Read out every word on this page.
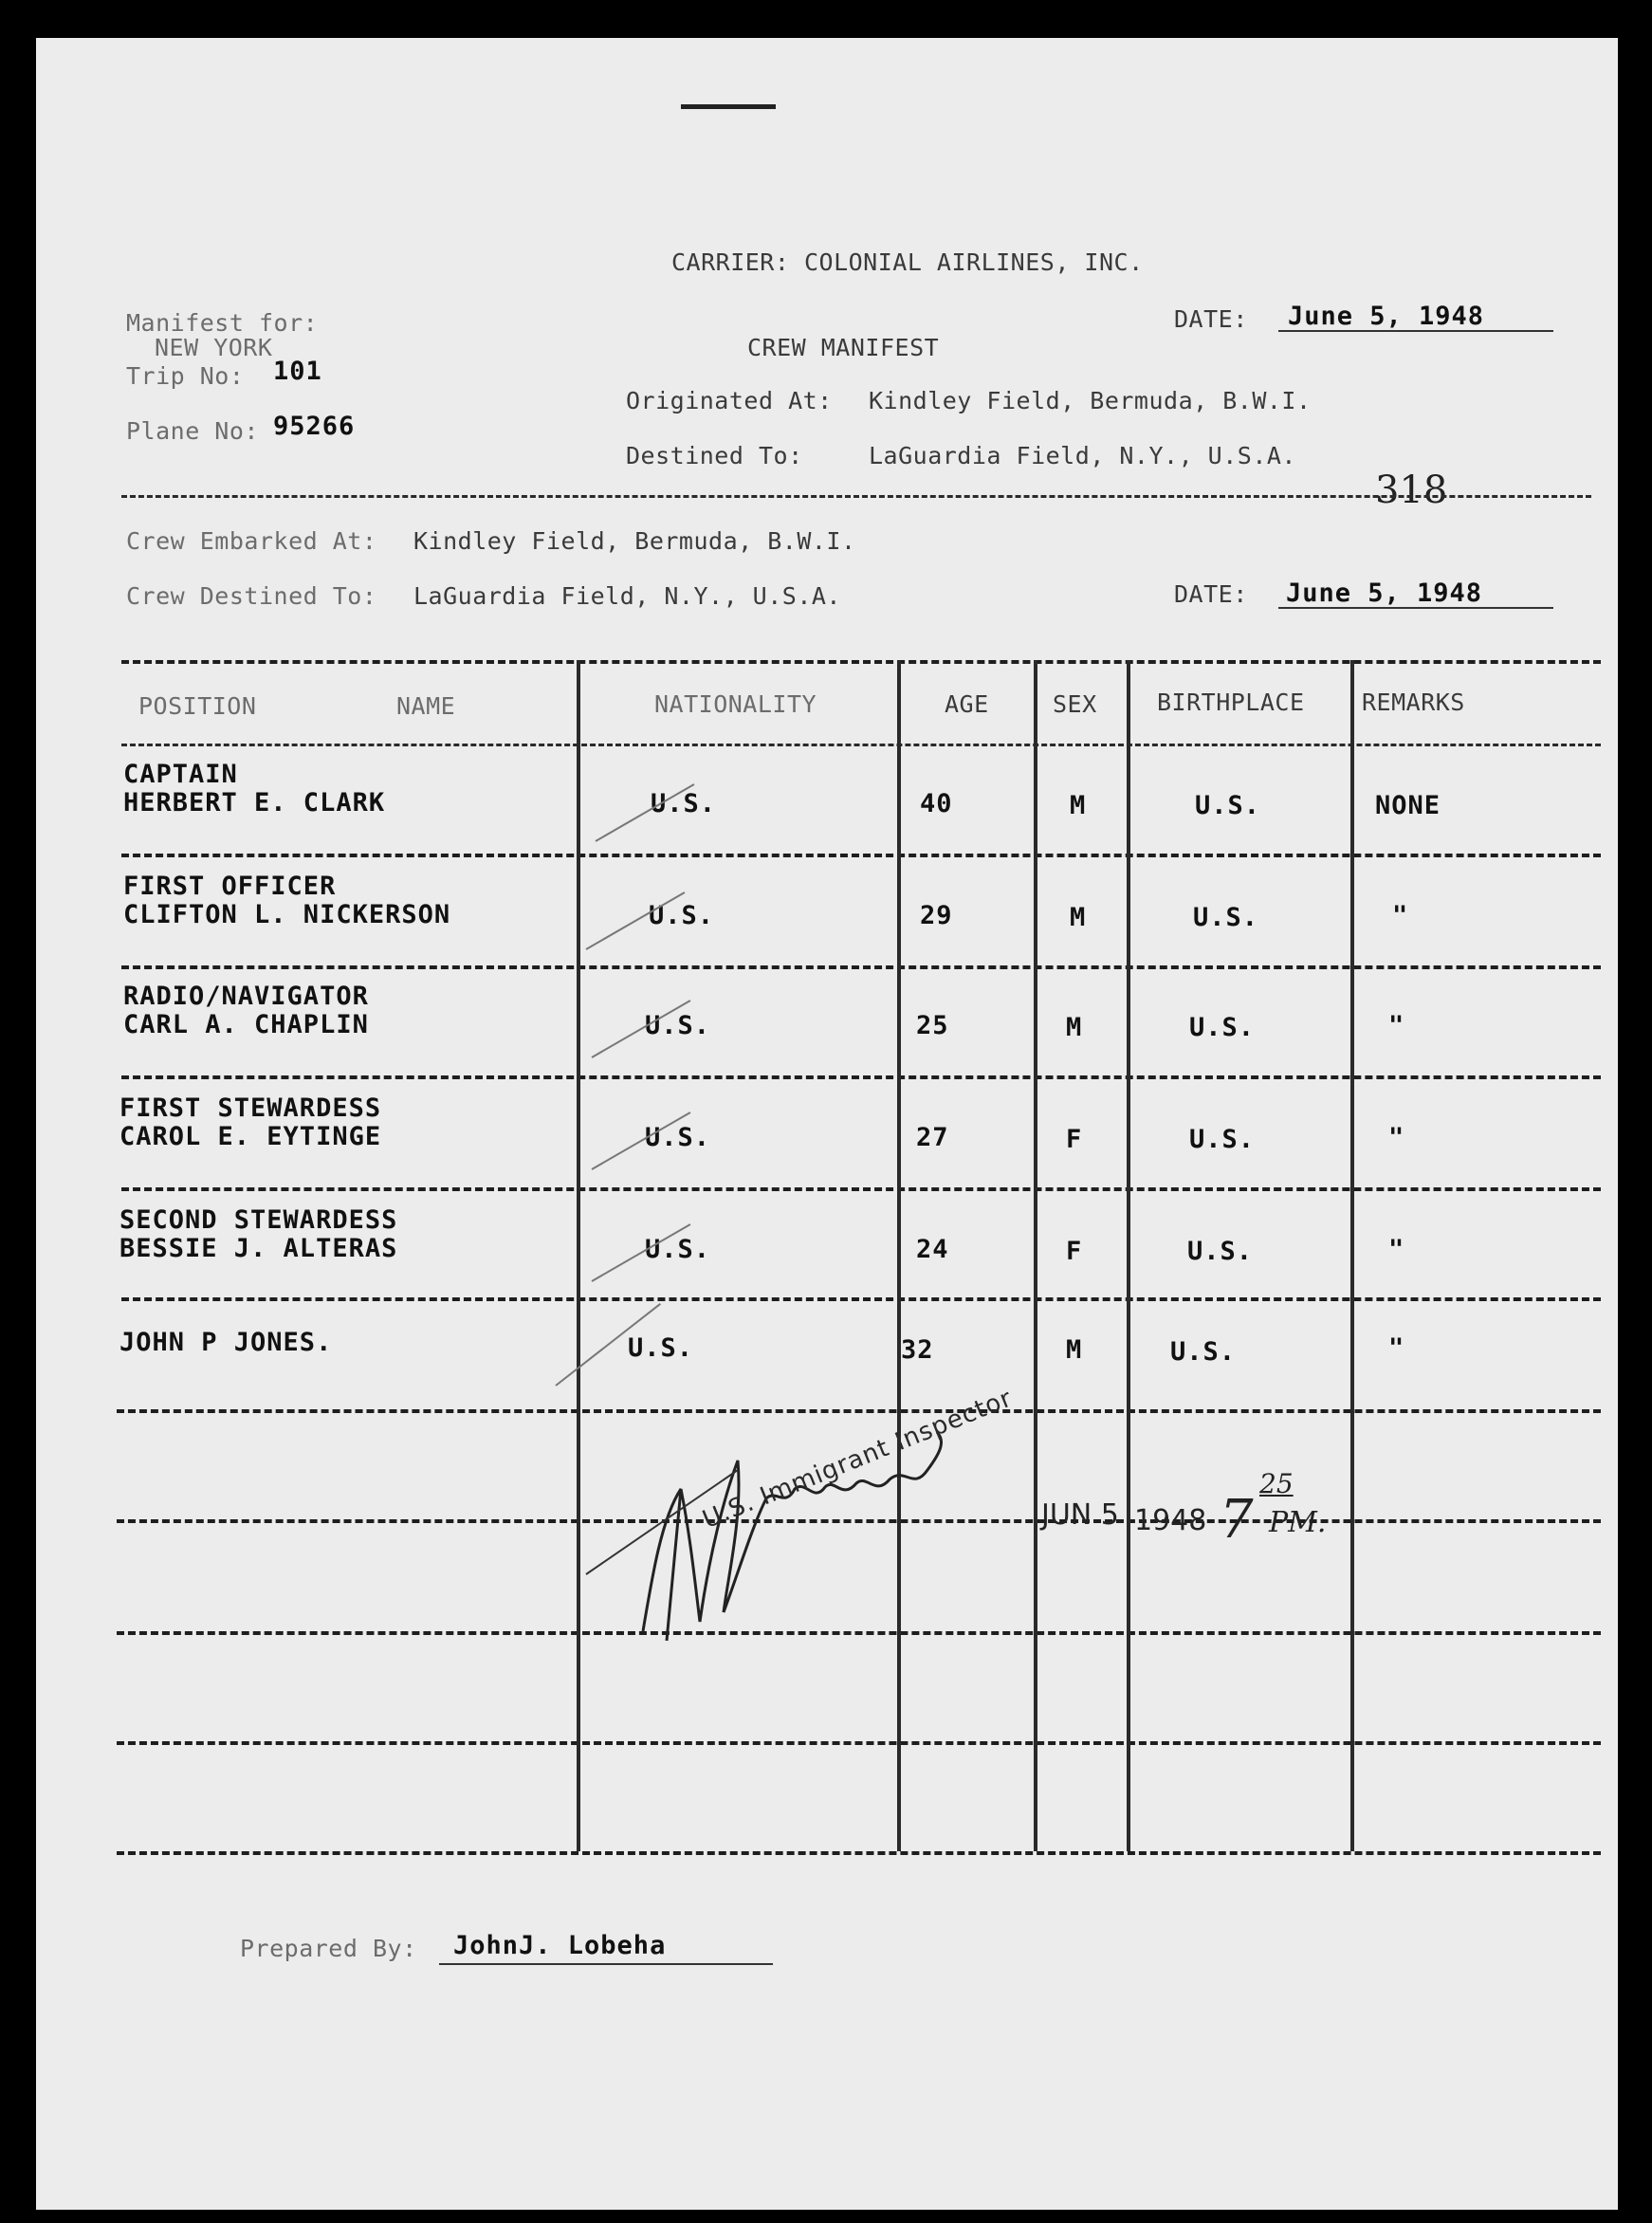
CARRIER: COLONIAL AIRLINES, INC.
Manifest for:
NEW YORK
Trip No: 101
Plane No: 95266
CREW MANIFEST
DATE: June 5, 1948
Originated At: Kindley Field, Bermuda, B.W.I.
Destined To:	LaGuardia Field, N.Y., U.S.A.
318
Crew Embarked At: Kindley Field, Bermuda, B.W.I.
Crew Destined To: LaGuardia Field, N.Y., U.S.A.	DATE: June 5, 1948
POSITION	NAME	NATIONALITY	AGE	SEX	BIRTHPLACE REMARKS
CAPTAIN
HERBERT E. CLARK	U.S.	40	M	U.S.	NONE
FIRST OFFICER
CLIFTON L. NICKERSON	U.S.	29	M	U.S.	"
RADIO/NAVIGATOR
CARL A. CHAPLIN	U.S.	25	M	U.S.	"
FIRST STEWARDESS
CAROL E. EYTINGE	U.S.	27	F	U.S.	"
SECOND STEWARDESS
BESSIE J. ALTERAS	U.S.	24	F	U.S.	"
JOHN P JONES.	U.S.	32	M	U.S.	"
U.S. Immigrant Inspector JUN 5 1948 7
25
PM.
Prepared By: JohnJ. Lobeha
